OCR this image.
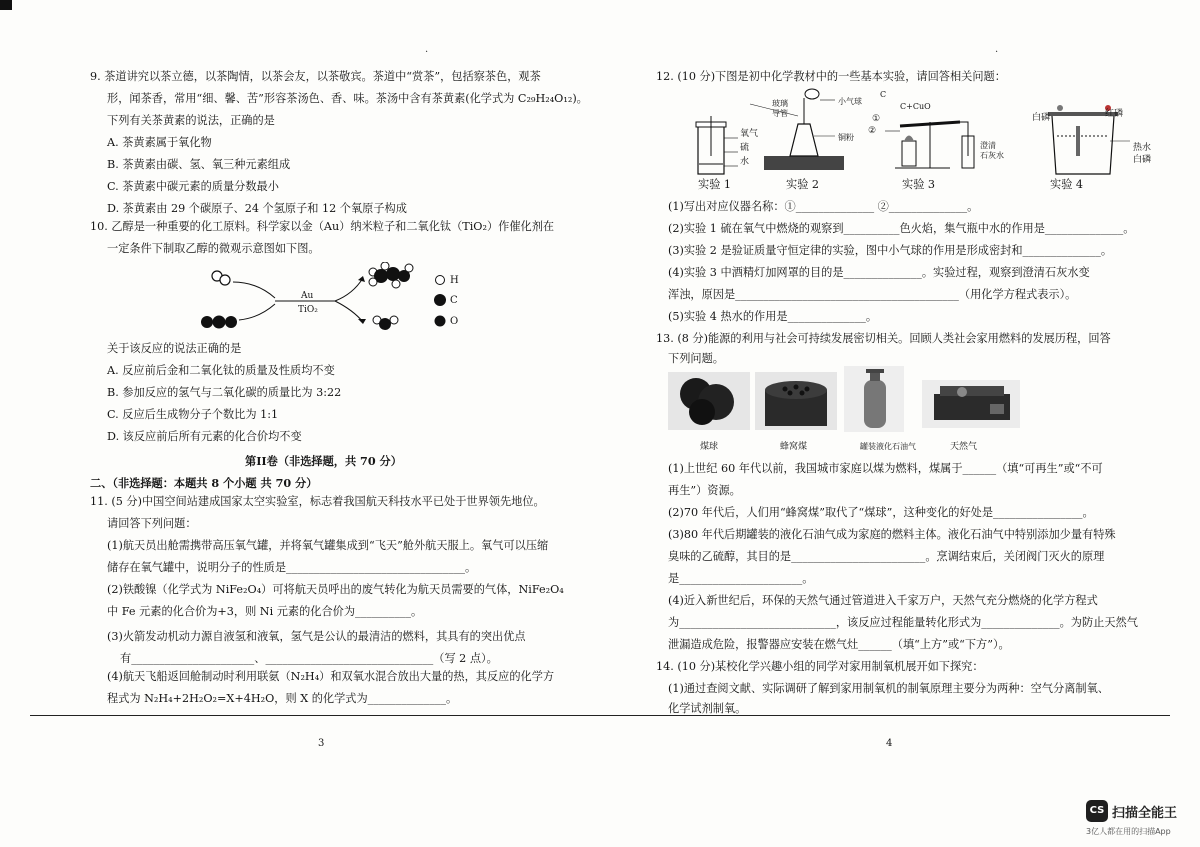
.
9. 茶道讲究以茶立德，以茶陶情，以茶会友，以茶敬宾。茶道中“赏茶”，包括察茶色，观茶
形，闻茶香，常用“细、馨、苦”形容茶汤色、香、味。茶汤中含有茶黄素(化学式为 C₂₉H₂₄O₁₂)。
下列有关茶黄素的说法，正确的是
A. 茶黄素属于氧化物
B. 茶黄素由碳、氢、氧三种元素组成
C. 茶黄素中碳元素的质量分数最小
D. 茶黄素由 29 个碳原子、24 个氢原子和 12 个氧原子构成
10. 乙醇是一种重要的化工原料。科学家以金（Au）纳米粒子和二氧化钛（TiO₂）作催化剂在
一定条件下制取乙醇的微观示意图如下图。
Au
TiO₂
H
C
O
关于该反应的说法正确的是
A. 反应前后金和二氧化钛的质量及性质均不变
B. 参加反应的氢气与二氧化碳的质量比为 3:22
C. 反应后生成物分子个数比为 1:1
D. 该反应前后所有元素的化合价均不变
第II卷（非选择题，共 70 分）
二、（非选择题：本题共 8 个小题 共 70 分）
11. (5 分)中国空间站建成国家太空实验室，标志着我国航天科技水平已处于世界领先地位。
请回答下列问题：
(1)航天员出舱需携带高压氧气罐，并将氧气罐集成到“飞天”舱外航天服上。氧气可以压缩
储存在氧气罐中，说明分子的性质是________________________________。
(2)铁酸镍（化学式为 NiFe₂O₄）可将航天员呼出的废气转化为航天员需要的气体，NiFe₂O₄
中 Fe 元素的化合价为+3，则 Ni 元素的化合价为__________。
(3)火箭发动机动力源自液氢和液氧，氢气是公认的最清洁的燃料，其具有的突出优点
有______________________、______________________________（写 2 点）。
(4)航天飞船返回舱制动时利用联氨（N₂H₄）和双氧水混合放出大量的热，其反应的化学方
程式为 N₂H₄+2H₂O₂=X+4H₂O，则 X 的化学式为______________。
3
.
12. (10 分)下图是初中化学教材中的一些基本实验，请回答相关问题：
氧气
硫
水
玻璃
导管
小气球
铜粉
C
C+CuO
①
②
澄清
石灰水
白磷	红磷
热水
白磷
实验 1	实验 2	实验 3	实验 4
(1)写出对应仪器名称：①______________ ②______________。
(2)实验 1 硫在氧气中燃烧的观察到__________色火焰，集气瓶中水的作用是______________。
(3)实验 2 是验证质量守恒定律的实验，图中小气球的作用是形成密封和______________。
(4)实验 3 中酒精灯加网罩的目的是______________。实验过程，观察到澄清石灰水变
浑浊，原因是________________________________________（用化学方程式表示）。
(5)实验 4 热水的作用是______________。
13. (8 分)能源的利用与社会可持续发展密切相关。回顾人类社会家用燃料的发展历程，回答
下列问题。
煤球	蜂窝煤	罐装液化石油气	天然气
(1)上世纪 60 年代以前，我国城市家庭以煤为燃料，煤属于______（填“可再生”或“不可
再生”）资源。
(2)70 年代后，人们用“蜂窝煤”取代了“煤球”，这种变化的好处是________________。
(3)80 年代后期罐装的液化石油气成为家庭的燃料主体。液化石油气中特别添加少量有特殊
臭味的乙硫醇，其目的是________________________。烹调结束后，关闭阀门灭火的原理
是______________________。
(4)近入新世纪后，环保的天然气通过管道进入千家万户，天然气充分燃烧的化学方程式
为____________________________，该反应过程能量转化形式为______________。为防止天然气
泄漏造成危险，报警器应安装在燃气灶______（填“上方”或“下方”）。
14. (10 分)某校化学兴趣小组的同学对家用制氧机展开如下探究：
(1)通过查阅文献、实际调研了解到家用制氧机的制氧原理主要分为两种：空气分离制氧、
化学试剂制氧。
4
CS 扫描全能王
3亿人都在用的扫描App
